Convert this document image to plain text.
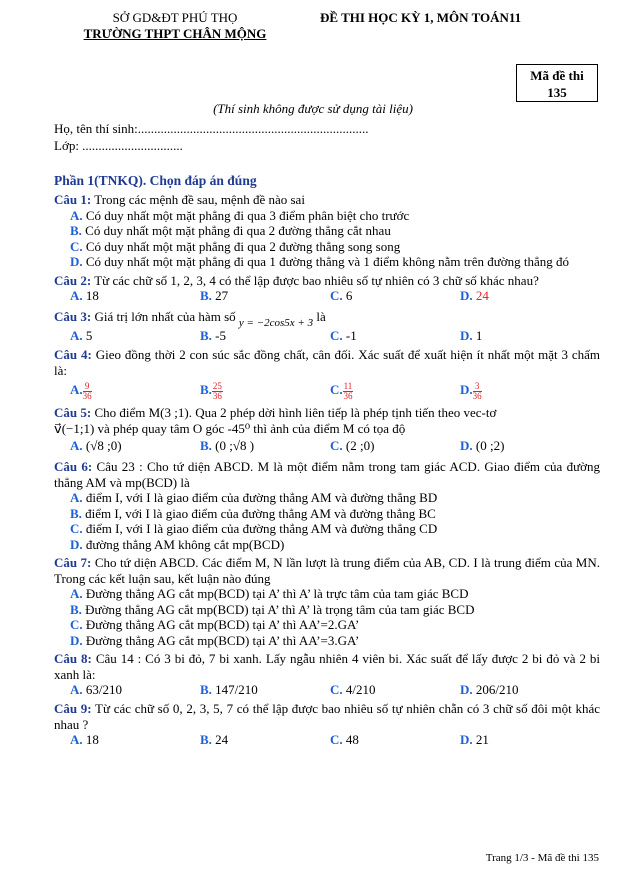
SỞ GD&ĐT PHÚ THỌ
TRƯỜNG THPT CHÂN MỘNG
ĐỀ THI HỌC KỲ 1, MÔN TOÁN11
Mã đề thi
135
(Thí sinh không được sử dụng tài liệu)
Họ, tên thí sinh:.......................................................................
Lớp: ...............................
Phần 1(TNKQ). Chọn đáp án đúng
Câu 1: Trong các mệnh đề sau, mệnh đề nào sai
A. Có duy nhất một mặt phẳng đi qua 3 điểm phân biệt cho trước
B. Có duy nhất một mặt phẳng đi qua 2 đường thẳng cắt nhau
C. Có duy nhất một mặt phẳng đi qua 2 đường thẳng song song
D. Có duy nhất một mặt phẳng đi qua 1 đường thẳng và 1 điểm không nằm trên đường thẳng đó
Câu 2: Từ các chữ số 1, 2, 3, 4 có thể lập được bao nhiêu số tự nhiên có 3 chữ số khác nhau?
A. 18	B. 27	C. 6	D. 24
Câu 3: Giá trị lớn nhất của hàm số $_{y = -2cos5x + 3}$ là
A. 5	B. -5	C. -1	D. 1
Câu 4: Gieo đồng thời 2 con súc sắc đồng chất, cân đối. Xác suất để xuất hiện ít nhất một mặt 3 chấm là:
A. $\frac{9}{36}$	B. $\frac{25}{36}$	C. $\frac{11}{36}$	D. $\frac{3}{36}$
Câu 5: Cho điểm M(3 ;1). Qua 2 phép dời hình liên tiếp là phép tịnh tiến theo vec-tơ
v⃗(−1;1) và phép quay tâm O góc -45⁰ thì ảnh của điểm M có tọa độ
A. (√8 ;0)	B. (0 ;√8 )	C. (2 ;0)	D. (0 ;2)
Câu 6: Câu 23 : Cho tứ diện ABCD. M là một điểm nằm trong tam giác ACD. Giao điểm của đường thẳng AM và mp(BCD) là
A. điểm I, với I là giao điểm của đường thẳng AM và đường thẳng BD
B. điểm I, với I là giao điểm của đường thẳng AM và đường thẳng BC
C. điểm I, với I là giao điểm của đường thẳng AM và đường thẳng CD
D. đường thẳng AM không cắt mp(BCD)
Câu 7: Cho tứ diện ABCD. Các điểm M, N lần lượt là trung điểm của AB, CD. I là trung điểm của MN. Trong các kết luận sau, kết luận nào đúng
A. Đường thẳng AG cắt mp(BCD) tại A’ thì A’ là trực tâm của tam giác BCD
B. Đường thẳng AG cắt mp(BCD) tại A’ thì A’ là trọng tâm của tam giác BCD
C. Đường thẳng AG cắt mp(BCD) tại A’ thì AA’=2.GA’
D. Đường thẳng AG cắt mp(BCD) tại A’ thì AA’=3.GA’
Câu 8: Câu 14 : Có 3 bi đỏ, 7 bi xanh. Lấy ngẫu nhiên 4 viên bi. Xác suất để lấy được 2 bi đỏ và 2 bi xanh là:
A. 63/210	B. 147/210	C. 4/210	D. 206/210
Câu 9: Từ các chữ số 0, 2, 3, 5, 7 có thể lập được bao nhiêu số tự nhiên chẵn có 3 chữ số đôi một khác nhau ?
A. 18	B. 24	C. 48	D. 21
Trang 1/3 - Mã đề thi 135
